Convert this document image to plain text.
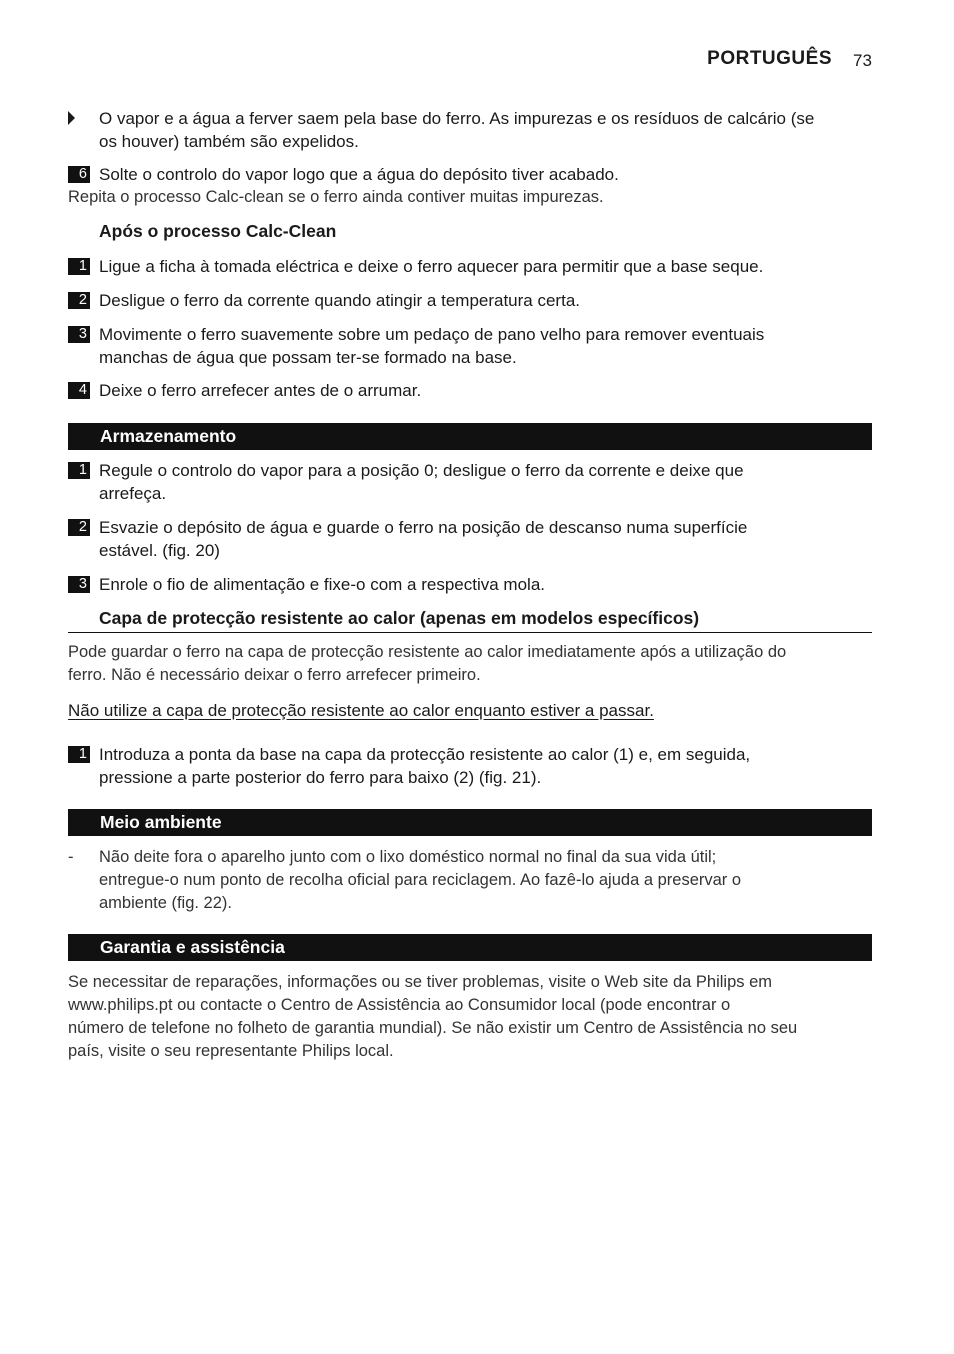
PORTUGUÊS 73
O vapor e a água a ferver saem pela base do ferro. As impurezas e os resíduos de calcário (se
os houver) também são expelidos.
6 Solte o controlo do vapor logo que a água do depósito tiver acabado.
Repita o processo Calc-clean se o ferro ainda contiver muitas impurezas.
Após o processo Calc-Clean
1 Ligue a ficha à tomada eléctrica e deixe o ferro aquecer para permitir que a base seque.
2 Desligue o ferro da corrente quando atingir a temperatura certa.
3 Movimente o ferro suavemente sobre um pedaço de pano velho para remover eventuais
manchas de água que possam ter-se formado na base.
4 Deixe o ferro arrefecer antes de o arrumar.
Armazenamento
1 Regule o controlo do vapor para a posição 0; desligue o ferro da corrente e deixe que
arrefeça.
2 Esvazie o depósito de água e guarde o ferro na posição de descanso numa superfície
estável. (fig. 20)
3 Enrole o fio de alimentação e fixe-o com a respectiva mola.
Capa de protecção resistente ao calor (apenas em modelos específicos)
Pode guardar o ferro na capa de protecção resistente ao calor imediatamente após a utilização do
ferro. Não é necessário deixar o ferro arrefecer primeiro.
Não utilize a capa de protecção resistente ao calor enquanto estiver a passar.
1 Introduza a ponta da base na capa da protecção resistente ao calor (1) e, em seguida,
pressione a parte posterior do ferro para baixo (2) (fig. 21).
Meio ambiente
- Não deite fora o aparelho junto com o lixo doméstico normal no final da sua vida útil;
entregue-o num ponto de recolha oficial para reciclagem. Ao fazê-lo ajuda a preservar o
ambiente (fig. 22).
Garantia e assistência
Se necessitar de reparações, informações ou se tiver problemas, visite o Web site da Philips em
www.philips.pt ou contacte o Centro de Assistência ao Consumidor local (pode encontrar o
número de telefone no folheto de garantia mundial). Se não existir um Centro de Assistência no seu
país, visite o seu representante Philips local.
